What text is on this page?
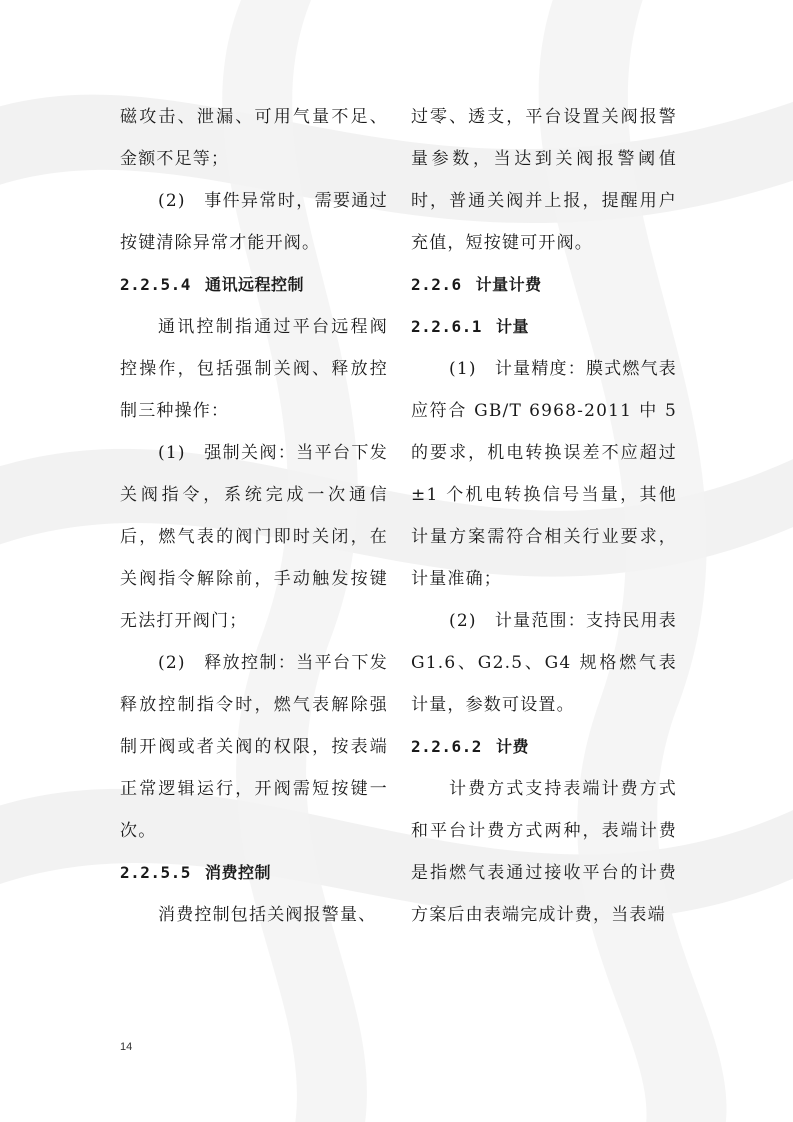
磁攻击、泄漏、可用气量不足、金额不足等；

(2)　事件异常时，需要通过按键清除异常才能开阀。

2.2.5.4 通讯远程控制

通讯控制指通过平台远程阀控操作，包括强制关阀、释放控制三种操作：

(1)　强制关阀：当平台下发关阀指令，系统完成一次通信后，燃气表的阀门即时关闭，在关阀指令解除前，手动触发按键无法打开阀门；

(2)　释放控制：当平台下发释放控制指令时，燃气表解除强制开阀或者关阀的权限，按表端正常逻辑运行，开阀需短按键一次。

2.2.5.5 消费控制

消费控制包括关阀报警量、

过零、透支，平台设置关阀报警量参数，当达到关阀报警阈值时，普通关阀并上报，提醒用户充值，短按键可开阀。

2.2.6 计量计费
2.2.6.1 计量

(1)　计量精度：膜式燃气表应符合 GB/T 6968-2011 中 5 的要求，机电转换误差不应超过±1 个机电转换信号当量，其他计量方案需符合相关行业要求，计量准确；

(2)　计量范围：支持民用表 G1.6、G2.5、G4 规格燃气表计量，参数可设置。

2.2.6.2 计费

计费方式支持表端计费方式和平台计费方式两种，表端计费是指燃气表通过接收平台的计费方案后由表端完成计费，当表端

14
